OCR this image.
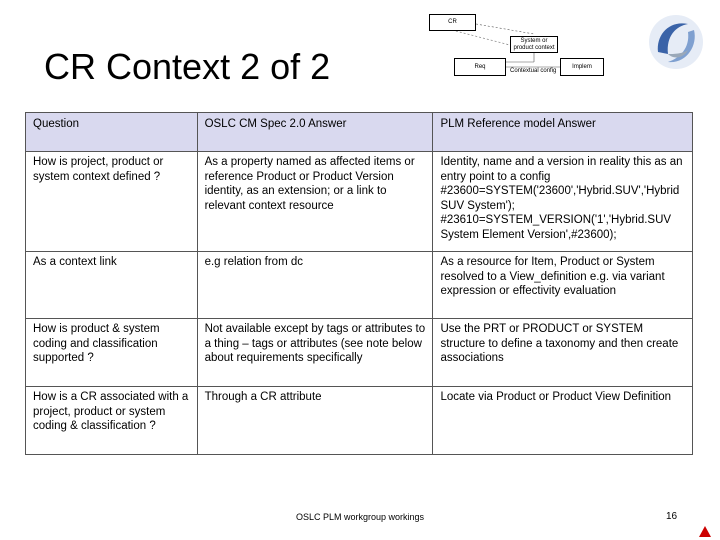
CR Context 2 of 2
CR
System or product context
Req
Contextual config
Implem
Question	OSLC CM Spec 2.0 Answer	PLM Reference model Answer
How is project, product or system context defined ?	As a property named as affected items or reference Product or Product Version identity, as an extension; or a link to relevant context resource	Identity, name and a version in reality this as an entry point to a config #23600=SYSTEM('23600','Hybrid.SUV','Hybrid SUV System'); #23610=SYSTEM_VERSION('1','Hybrid.SUV System Element Version',#23600);
As a context link	e.g relation from dc	As a resource for Item, Product or System resolved to a View_definition e.g. via variant expression or effectivity evaluation
How is product & system coding and classification supported ?	Not available except by tags or attributes to a thing – tags or attributes (see note below about requirements specifically	Use the PRT or PRODUCT or SYSTEM structure to define a taxonomy and then create associations
How is a CR associated with a project, product or system coding & classification ?	Through a CR attribute	Locate via Product or Product View Definition
OSLC PLM workgroup workings	16
